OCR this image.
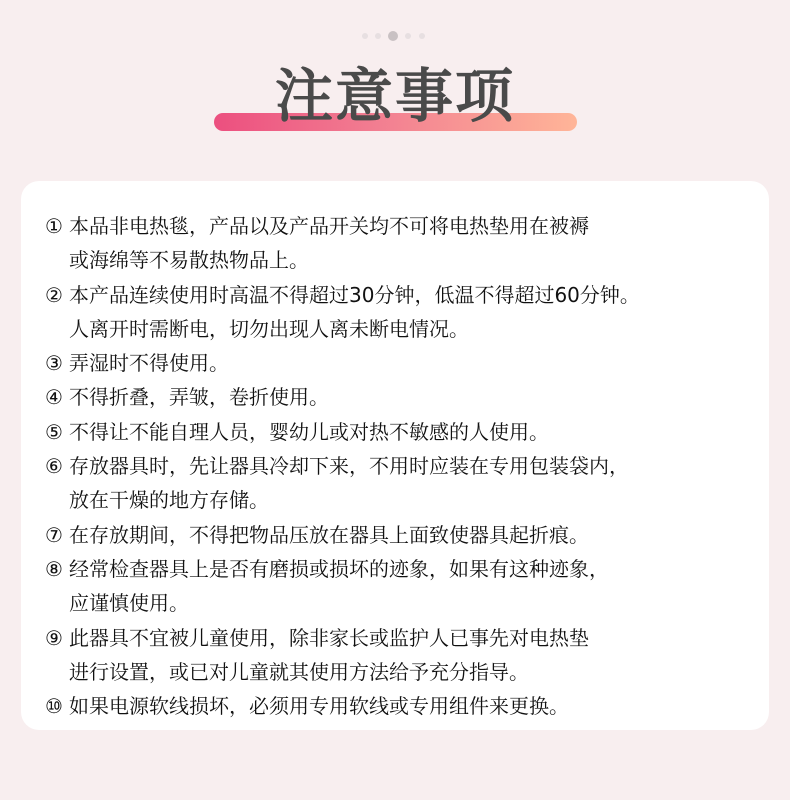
注意事项
① 本品非电热毯，产品以及产品开关均不可将电热垫用在被褥
或海绵等不易散热物品上。
② 本产品连续使用时高温不得超过30分钟，低温不得超过60分钟。
人离开时需断电，切勿出现人离未断电情况。
③ 弄湿时不得使用。
④ 不得折叠，弄皱，卷折使用。
⑤ 不得让不能自理人员，婴幼儿或对热不敏感的人使用。
⑥ 存放器具时，先让器具冷却下来，不用时应装在专用包装袋内，
放在干燥的地方存储。
⑦ 在存放期间，不得把物品压放在器具上面致使器具起折痕。
⑧ 经常检查器具上是否有磨损或损坏的迹象，如果有这种迹象，
应谨慎使用。
⑨ 此器具不宜被儿童使用，除非家长或监护人已事先对电热垫
进行设置，或已对儿童就其使用方法给予充分指导。
⑩ 如果电源软线损坏，必须用专用软线或专用组件来更换。
